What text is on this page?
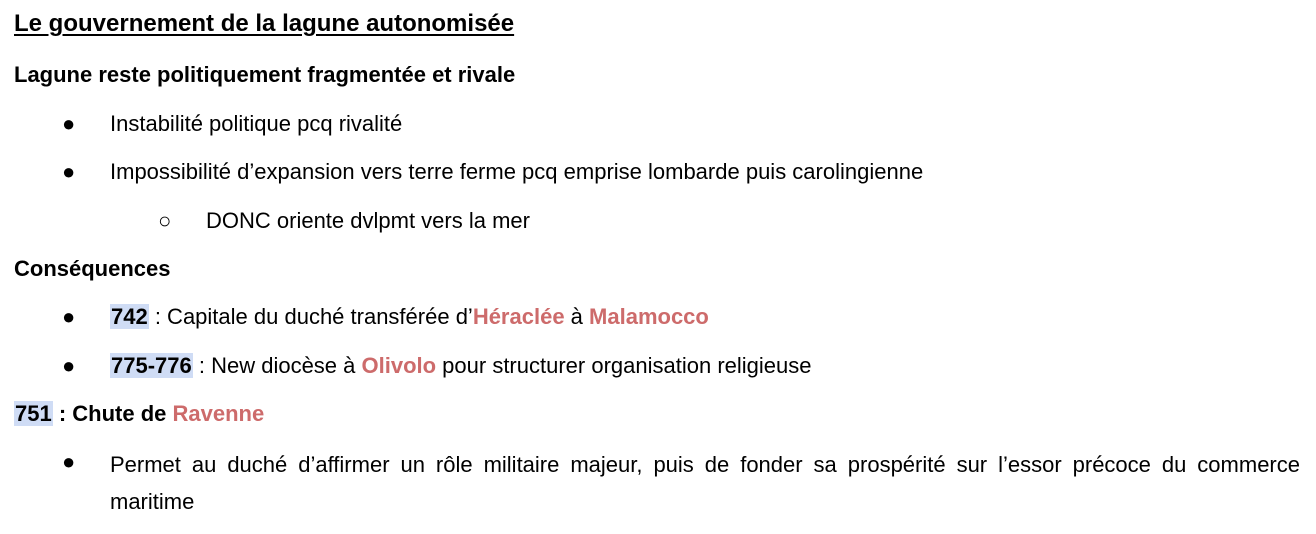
Le gouvernement de la lagune autonomisée
Lagune reste politiquement fragmentée et rivale
● Instabilité politique pcq rivalité
● Impossibilité d’expansion vers terre ferme pcq emprise lombarde puis carolingienne
○ DONC oriente dvlpmt vers la mer
Conséquences
● 742 : Capitale du duché transférée d’Héraclée à Malamocco
● 775-776 : New diocèse à Olivolo pour structurer organisation religieuse
751 : Chute de Ravenne
● Permet au duché d’affirmer un rôle militaire majeur, puis de fonder sa prospérité sur l’essor précoce du commerce maritime
